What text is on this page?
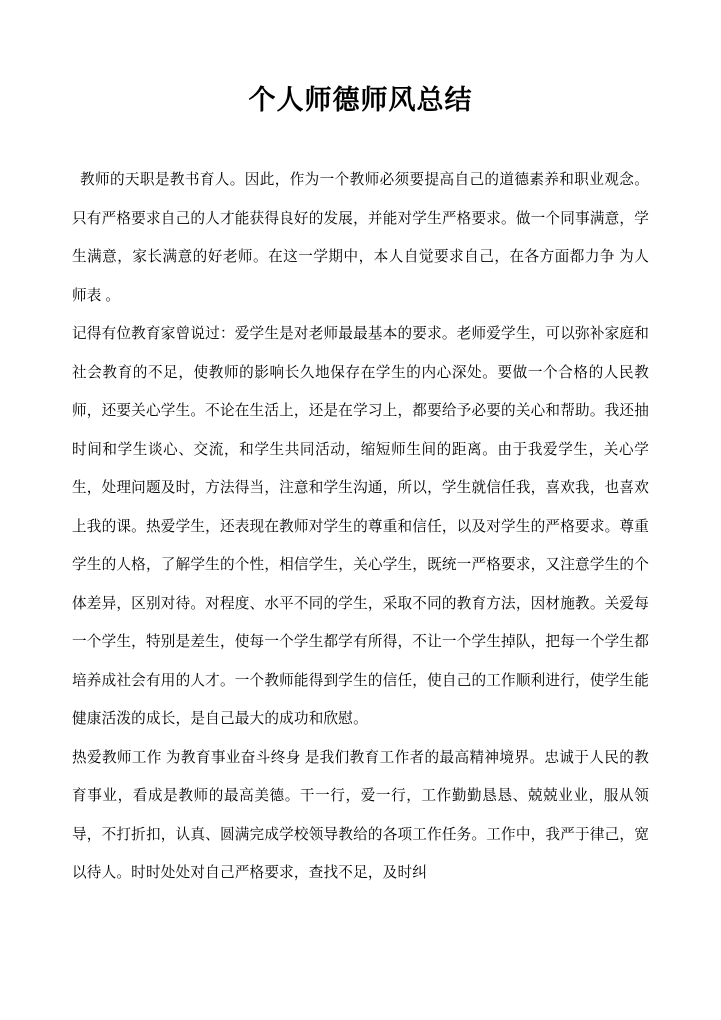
个人师德师风总结

教师的天职是教书育人。因此，作为一个教师必须要提高自己的道德素养和职业观念。只有严格要求自己的人才能获得良好的发展，并能对学生严格要求。做一个同事满意，学生满意，家长满意的好老师。在这一学期中，本人自觉要求自己，在各方面都力争 为人师表 。

记得有位教育家曾说过：爱学生是对老师最最基本的要求。老师爱学生，可以弥补家庭和社会教育的不足，使教师的影响长久地保存在学生的内心深处。要做一个合格的人民教师，还要关心学生。不论在生活上，还是在学习上，都要给予必要的关心和帮助。我还抽时间和学生谈心、交流，和学生共同活动，缩短师生间的距离。由于我爱学生，关心学生，处理问题及时，方法得当，注意和学生沟通，所以，学生就信任我，喜欢我，也喜欢上我的课。热爱学生，还表现在教师对学生的尊重和信任，以及对学生的严格要求。尊重学生的人格，了解学生的个性，相信学生，关心学生，既统一严格要求，又注意学生的个体差异，区别对待。对程度、水平不同的学生，采取不同的教育方法，因材施教。关爱每一个学生，特别是差生，使每一个学生都学有所得，不让一个学生掉队，把每一个学生都培养成社会有用的人才。一个教师能得到学生的信任，使自己的工作顺利进行，使学生能健康活泼的成长，是自己最大的成功和欣慰。

热爱教师工作 为教育事业奋斗终身 是我们教育工作者的最高精神境界。忠诚于人民的教育事业，看成是教师的最高美德。干一行，爱一行，工作勤勤恳恳、兢兢业业，服从领导，不打折扣，认真、圆满完成学校领导教给的各项工作任务。工作中，我严于律己，宽以待人。时时处处对自己严格要求，查找不足，及时纠
